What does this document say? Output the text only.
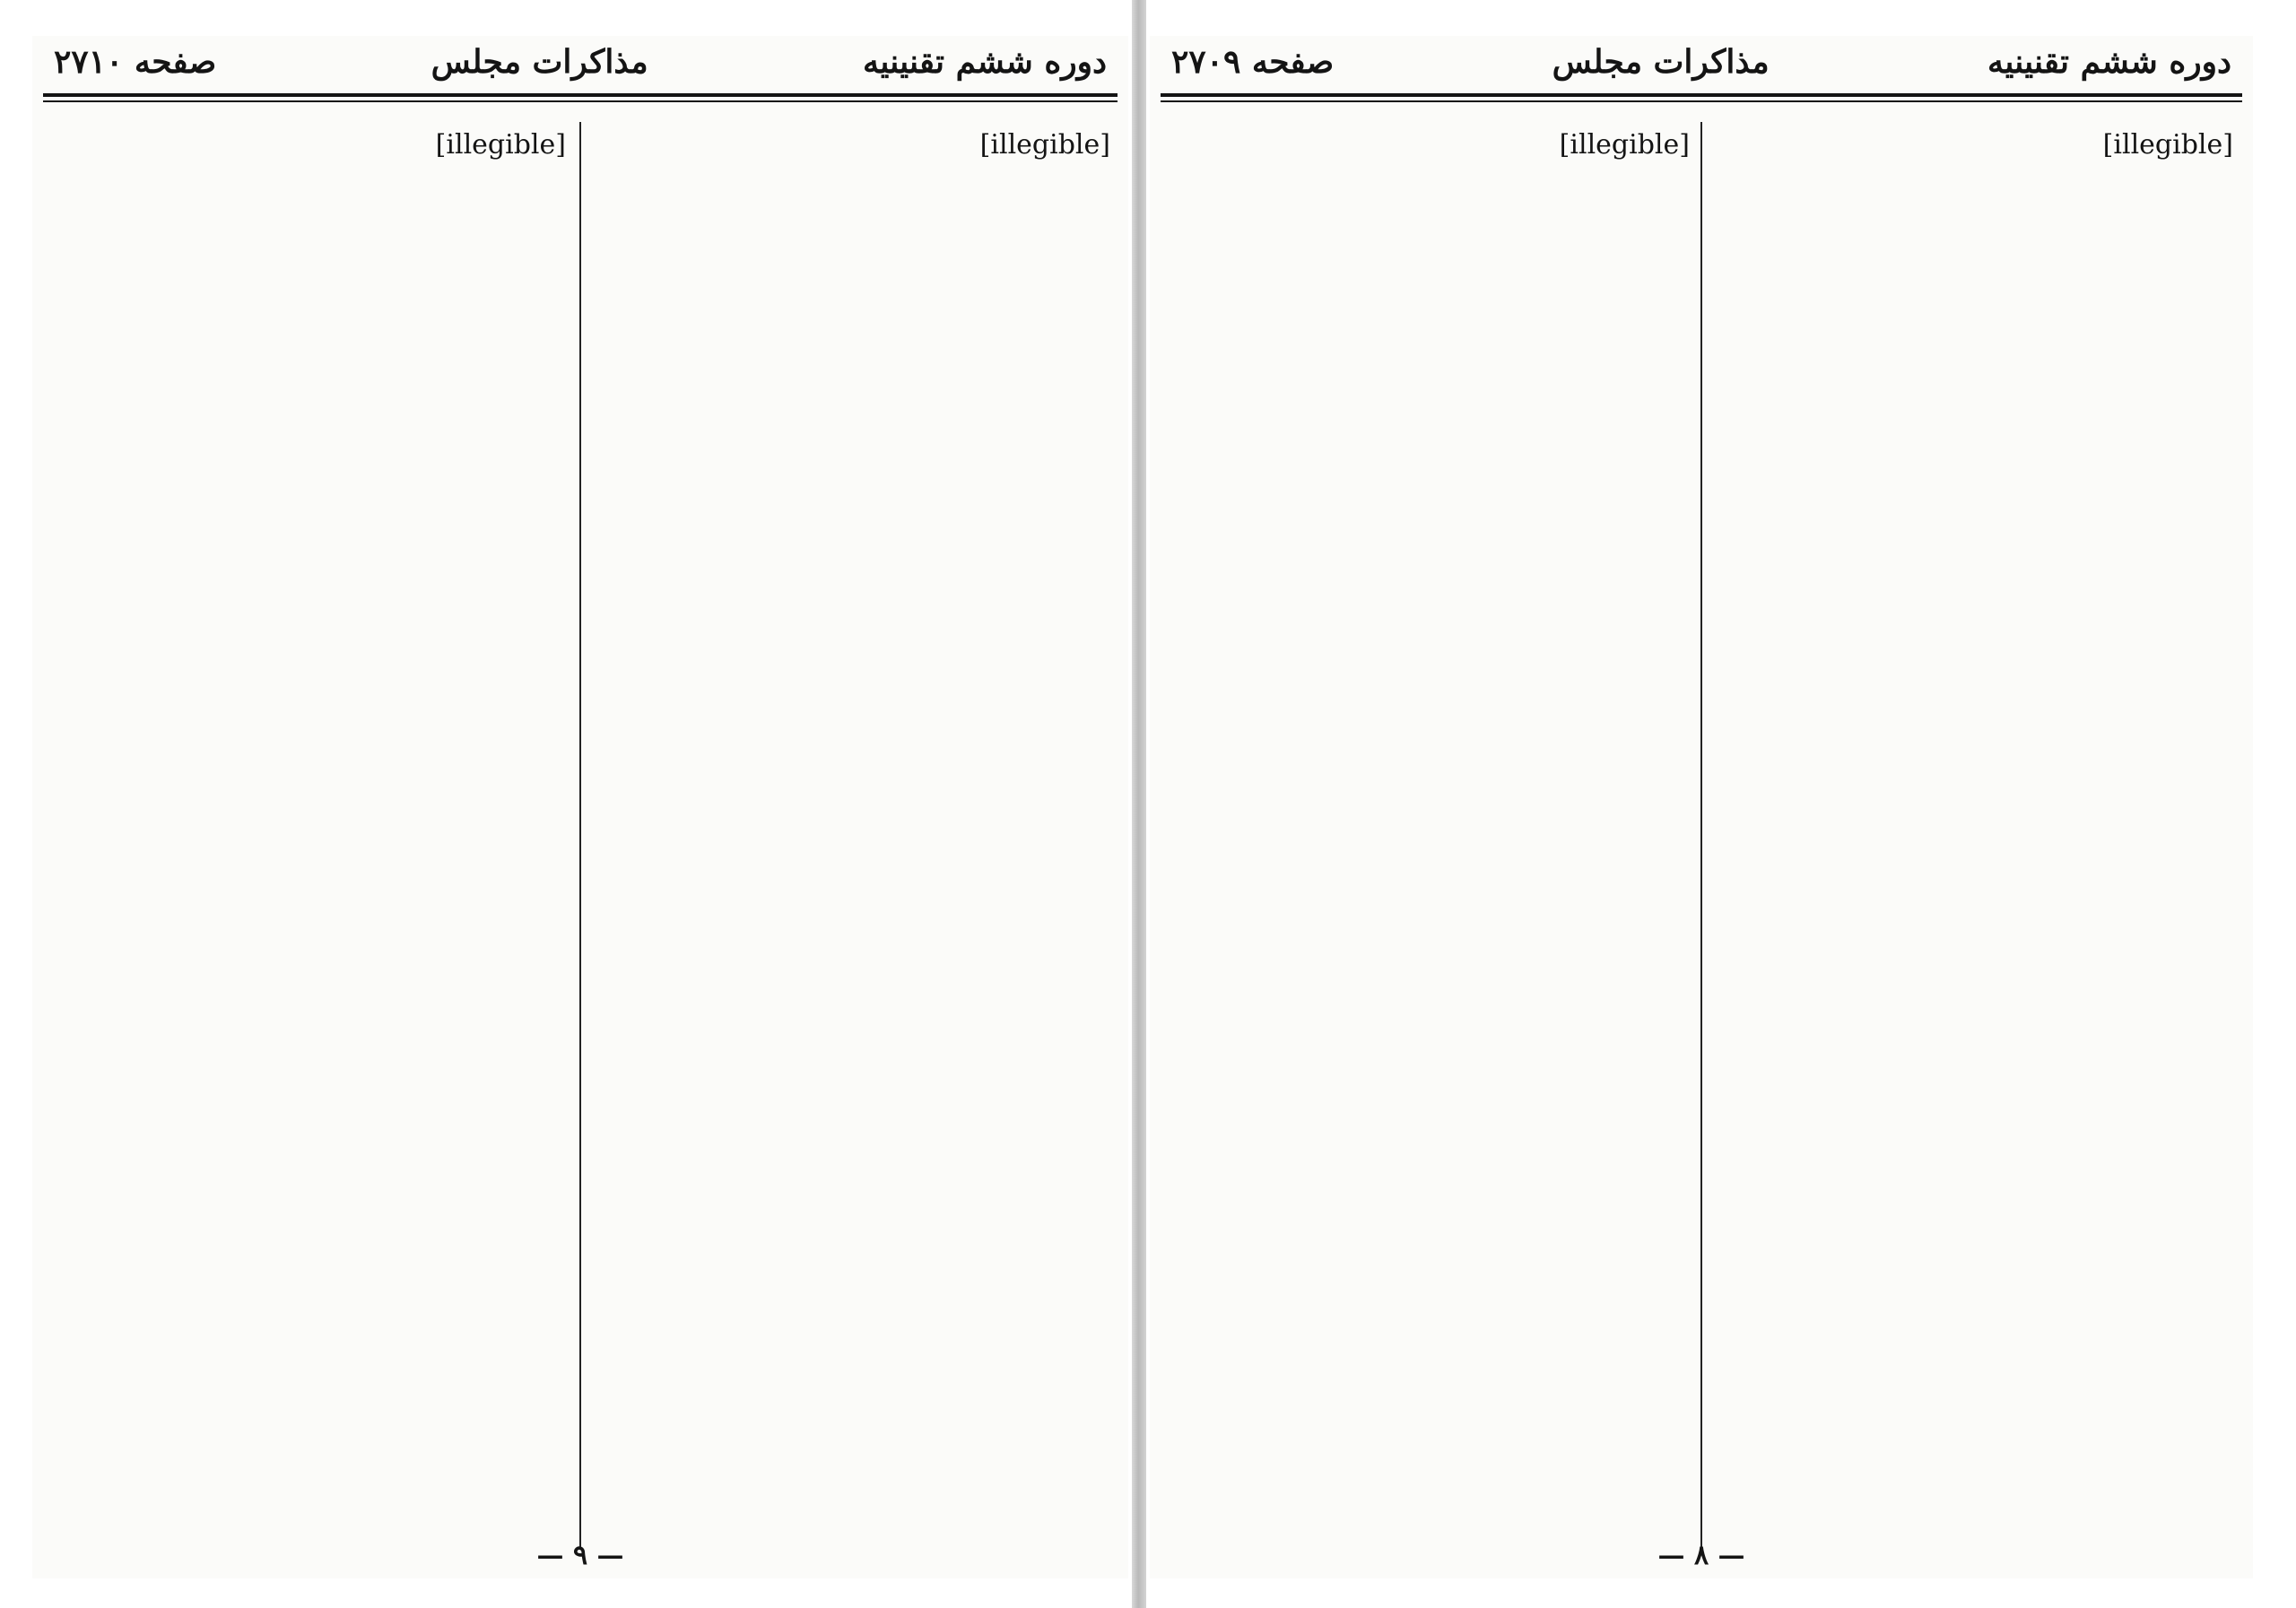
دوره ششم تقنینیه
مذاکرات مجلس
صفحه ۲۷۱۰

[illegible]

[illegible]

— ۹ —
دوره ششم تقنینیه
مذاکرات مجلس
صفحه ۲۷۰۹

[illegible]

[illegible]

— ۸ —
